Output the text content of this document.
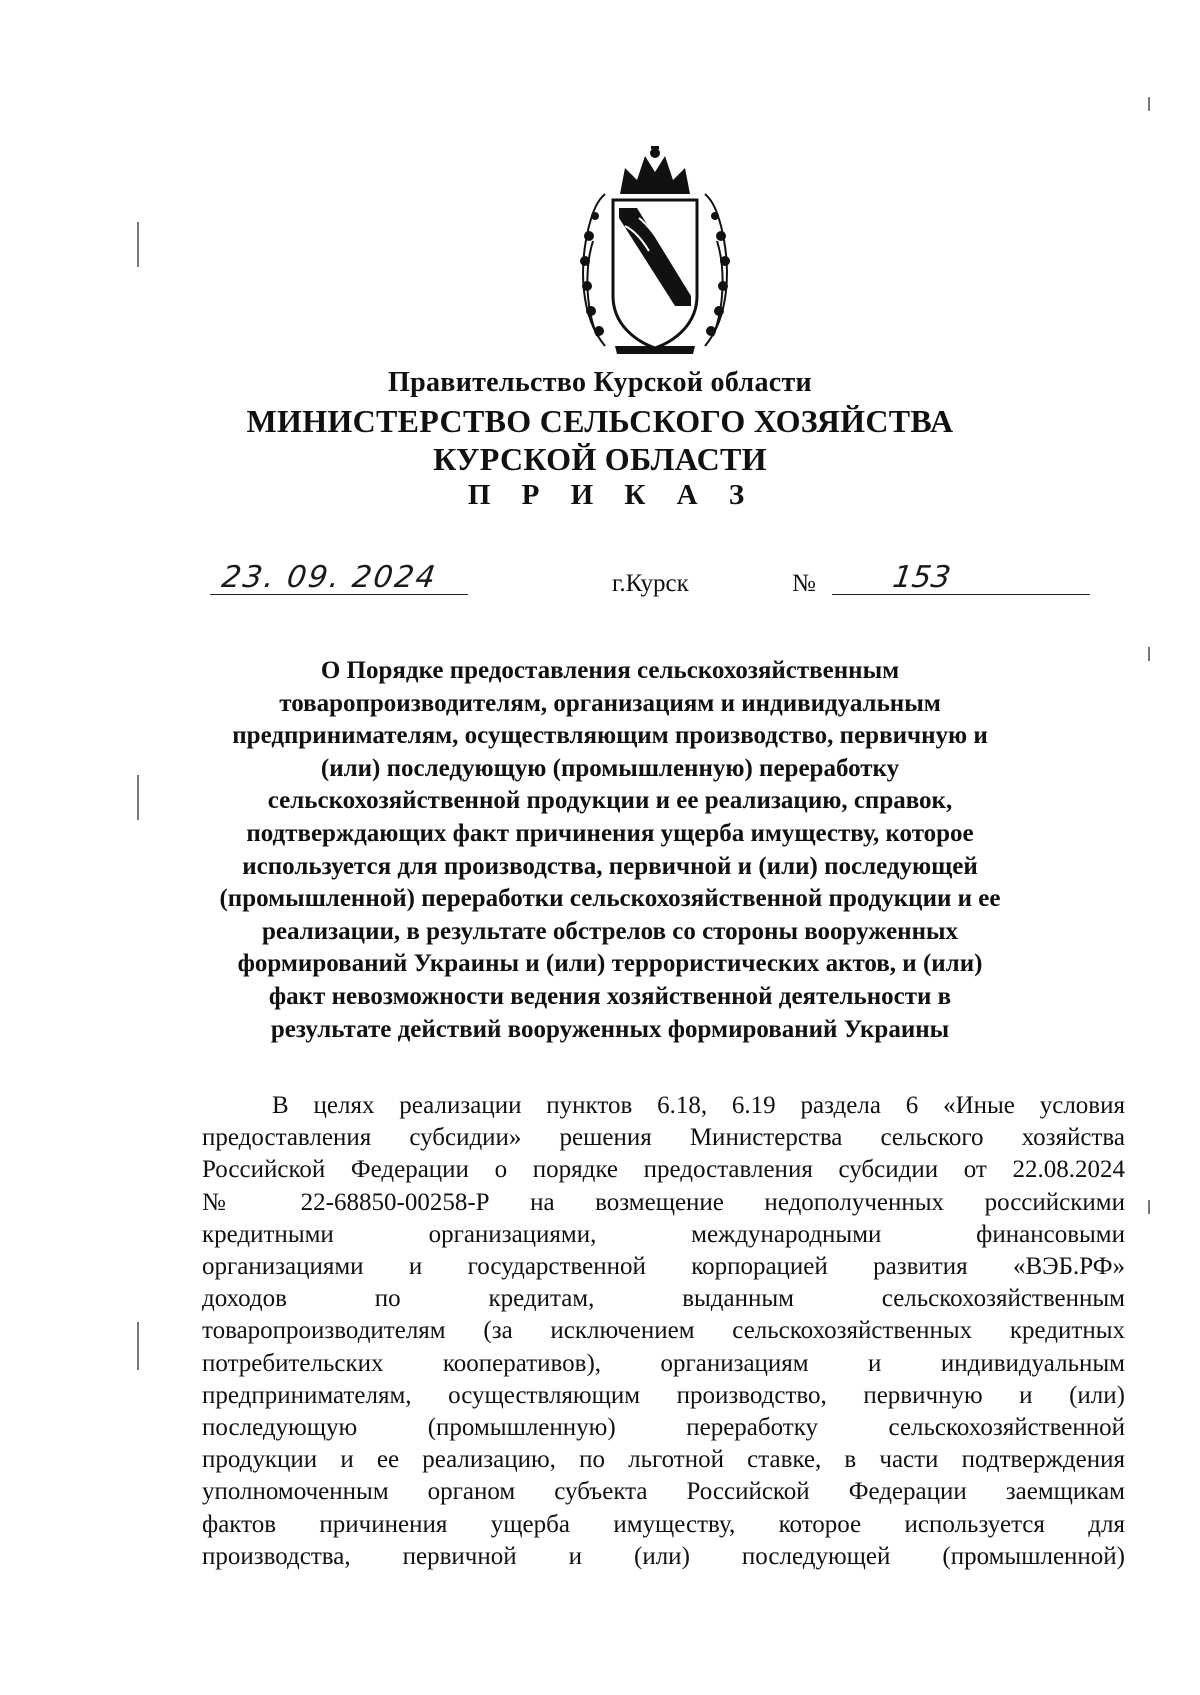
Правительство Курской области
МИНИСТЕРСТВО СЕЛЬСКОГО ХОЗЯЙСТВА
КУРСКОЙ ОБЛАСТИ
П Р И К А З
23. 09. 2024	г.Курск	№ 153
О Порядке предоставления сельскохозяйственным
товаропроизводителям, организациям и индивидуальным
предпринимателям, осуществляющим производство, первичную и
(или) последующую (промышленную) переработку
сельскохозяйственной продукции и ее реализацию, справок,
подтверждающих факт причинения ущерба имуществу, которое
используется для производства, первичной и (или) последующей
(промышленной) переработки сельскохозяйственной продукции и ее
реализации, в результате обстрелов со стороны вооруженных
формирований Украины и (или) террористических актов, и (или)
факт невозможности ведения хозяйственной деятельности в
результате действий вооруженных формирований Украины
В целях реализации пунктов 6.18, 6.19 раздела 6 «Иные условия
предоставления субсидии» решения Министерства сельского хозяйства
Российской Федерации о порядке предоставления субсидии от 22.08.2024
№ 22-68850-00258-Р на возмещение недополученных российскими
кредитными организациями, международными финансовыми
организациями и государственной корпорацией развития «ВЭБ.РФ»
доходов по кредитам, выданным сельскохозяйственным
товаропроизводителям (за исключением сельскохозяйственных кредитных
потребительских кооперативов), организациям и индивидуальным
предпринимателям, осуществляющим производство, первичную и (или)
последующую (промышленную) переработку сельскохозяйственной
продукции и ее реализацию, по льготной ставке, в части подтверждения
уполномоченным органом субъекта Российской Федерации заемщикам
фактов причинения ущерба имуществу, которое используется для
производства, первичной и (или) последующей (промышленной)
